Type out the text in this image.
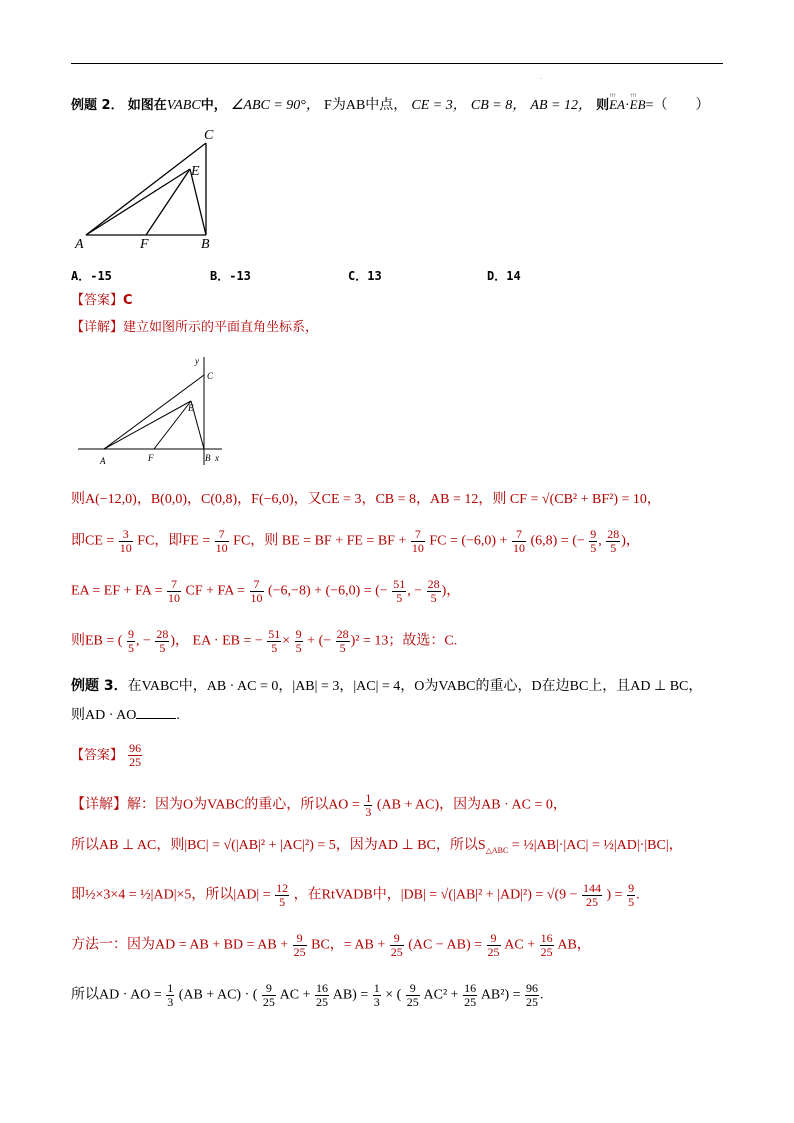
.
例题 2． 如图在VABC中， ∠ABC = 90°， F为AB中点， CE = 3， CB = 8， AB = 12， 则↑↑↑ EA·↑↑↑ EB=（　　）
C
E
A	F	B
A．-15	B．-13	C．13	D．14
【答案】C
【详解】建立如图所示的平面直角坐标系，
y
C
E
A	F	B x
则A(−12,0)，B(0,0)，C(0,8)，F(−6,0)，又CE = 3，CB = 8，AB = 12，则 CF = √(CB² + BF²) = 10，
即CE = $\frac{3}{10}$ FC，即FE = $\frac{7}{10}$ FC，则 BE = BF + FE = BF + $\frac{7}{10}$ FC = $(-6,0) + \frac{7}{10} (6,8)$ = (− $\frac{9}{5}$ , $\frac{28}{5}$ )，
EA = EF + FA = $\frac{7}{10}$ CF + FA = $\frac{7}{10} (-6,-8) + (-6,0)$ = (− $\frac{51}{5}$ , − $\frac{28}{5}$ )，
则EB = ( $\frac{9}{5}$ , − $\frac{28}{5}$ )， EA · EB = − $\frac{51}{5} \times \frac{9}{5}$ + (− $\frac{28}{5} )^2 = 13$；故选：C.
例题 3．在VABC中，AB · AC = 0，|AB| = 3，|AC| = 4，O为VABC的重心，D在边BC上，且AD ⊥ BC，
则AD · AO	.
【答案】 $\frac{96}{25}$
【详解】解：因为O为VABC的重心，所以AO = $\frac{1}{3} (AB + AC)$，因为AB · AC = 0，
所以AB ⊥ AC，则|BC| = √(|AB|² + |AC|²) = 5，因为AD ⊥ BC，所以$S_{\triangle ABC}$ = ½|AB|·|AC| = ½|AD|·|BC|，
即½×3×4 = ½|AD|×5，所以$|AD| = \frac{12}{5}$ ，在RtVADB中，$|DB| = √(|AB|^2 + |AD|^2) = √(9 - \frac{144}{25}$ ) = $\frac{9}{5}$ .
方法一：因为AD = AB + BD = AB + $\frac{9}{25}$ BC，= AB + $\frac{9}{25} (AC - AB) = \frac{9}{25}$ AC + $\frac{16}{25}$ AB，
所以AD · AO = $\frac{1}{3} (AB + AC)$ · ( $\frac{9}{25}$ AC + $\frac{16}{25} AB) = \frac{1}{3}$ × ( $\frac{9}{25} AC^2 + \frac{16}{25} AB^2) = \frac{96}{25}$ .
